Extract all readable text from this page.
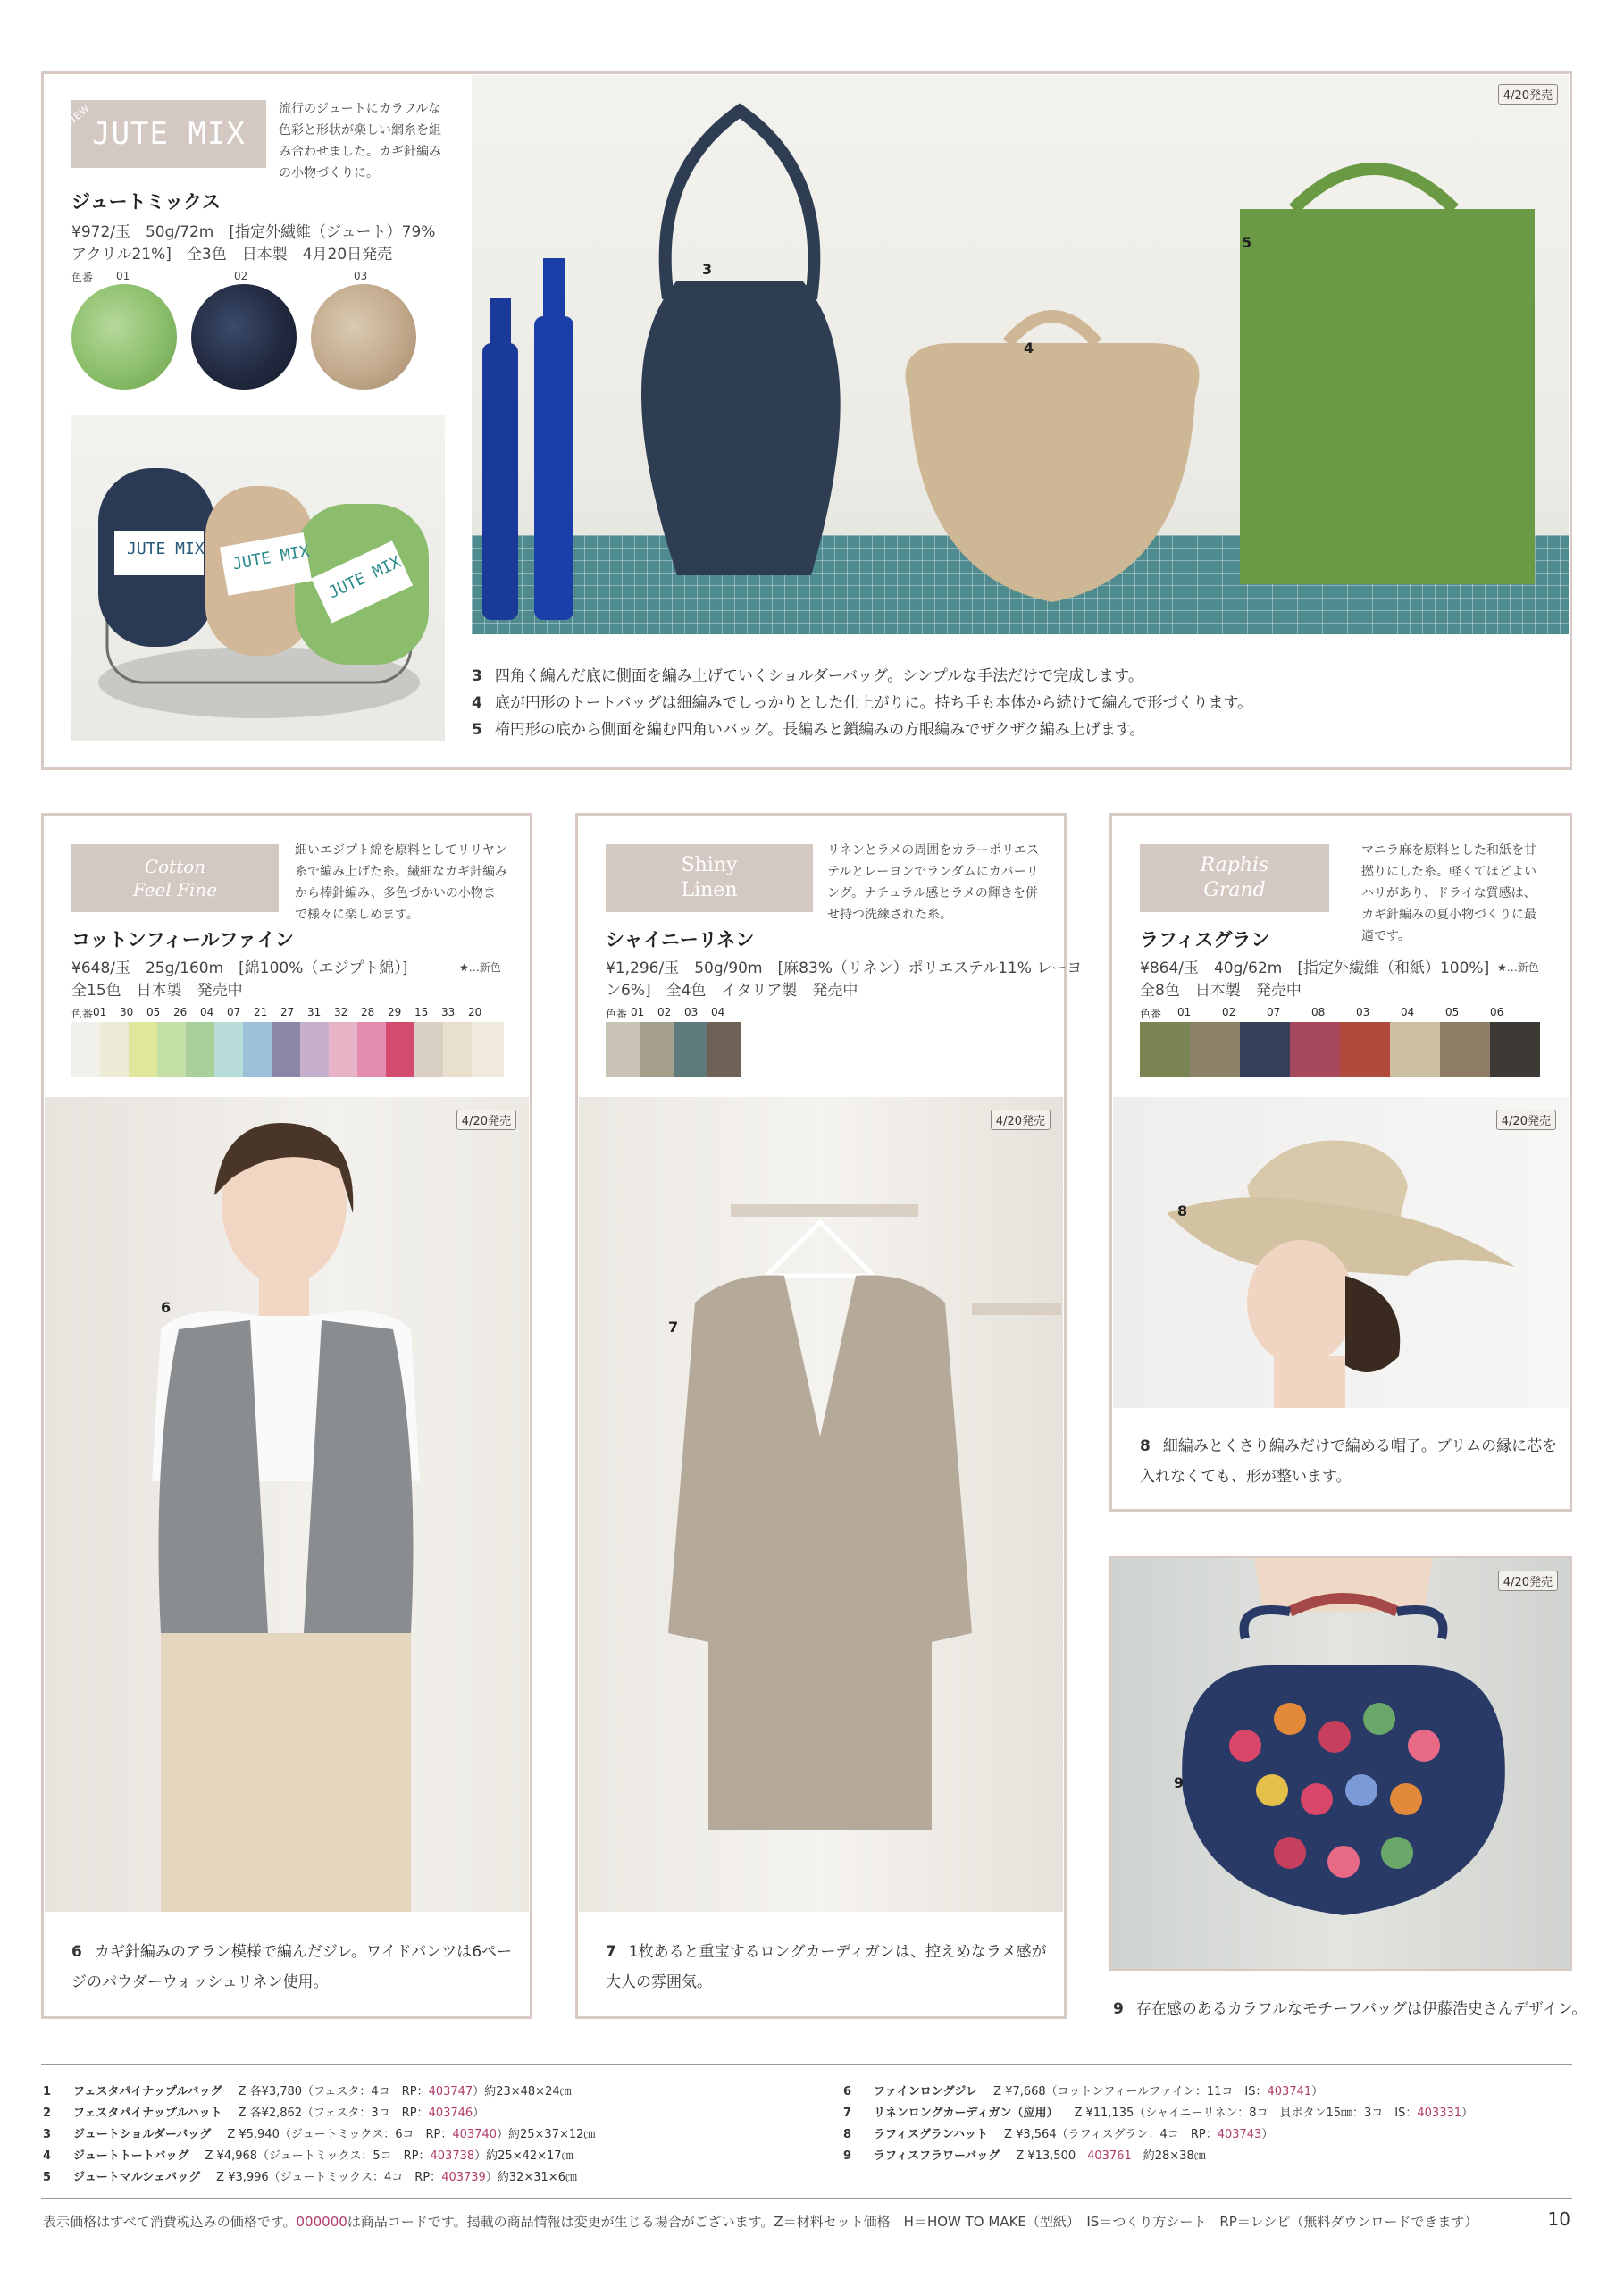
NEW
JUTE MIX
流行のジュートにカラフルな色彩と形状が楽しい網糸を組み合わせました。カギ針編みの小物づくりに。
ジュートミックス
¥972/玉　50g/72m　[指定外繊維（ジュート）79%
アクリル21%]　全3色　日本製　4月20日発売
色番 01	02	03
JUTE MIX JUTE MIX JUTE MIX
4/20発売
3
4
5
3 四角く編んだ底に側面を編み上げていくショルダーバッグ。シンプルな手法だけで完成します。
4 底が円形のトートバッグは細編みでしっかりとした仕上がりに。持ち手も本体から続けて編んで形づくります。
5 楕円形の底から側面を編む四角いバッグ。長編みと鎖編みの方眼編みでザクザク編み上げます。
Cotton
Feel Fine
細いエジプト綿を原料としてリリヤン糸で編み上げた糸。繊細なカギ針編みから棒針編み、多色づかいの小物まで様々に楽しめます。
コットンフィールファイン
¥648/玉　25g/160m　[綿100%（エジプト綿）]	★…新色
全15色　日本製　発売中
色番 01	30	05	26	04	07	21	27	31	32	28	29	15	33	20
4/20発売
6
6 カギ針編みのアラン模様で編んだジレ。ワイドパンツは6ペー
ジのパウダーウォッシュリネン使用。
Shiny
Linen
リネンとラメの周囲をカラーポリエステルとレーヨンでランダムにカバーリング。ナチュラル感とラメの輝きを併せ持つ洗練された糸。
シャイニーリネン
¥1,296/玉　50g/90m　[麻83%（リネン）ポリエステル11% レーヨ
ン6%]　全4色　イタリア製　発売中
色番 01	02	03	04
4/20発売
7
7 1枚あると重宝するロングカーディガンは、控えめなラメ感が
大人の雰囲気。
Raphis
Grand
マニラ麻を原料とした和紙を甘撚りにした糸。軽くてほどよいハリがあり、ドライな質感は、カギ針編みの夏小物づくりに最適です。
ラフィスグラン
¥864/玉　40g/62m　[指定外繊維（和紙）100%] ★…新色
全8色　日本製　発売中
色番	01	02	07	08	03	04	05	06
4/20発売
8
8 細編みとくさり編みだけで編める帽子。ブリムの縁に芯を
入れなくても、形が整います。
4/20発売
9
9 存在感のあるカラフルなモチーフバッグは伊藤浩史さんデザイン。
1 フェスタパイナップルバッグ Z 各¥3,780（フェスタ：4コ　RP：403747）約23×48×24㎝
2 フェスタパイナップルハット Z 各¥2,862（フェスタ：3コ　RP：403746）
3 ジュートショルダーバッグ Z ¥5,940（ジュートミックス：6コ　RP：403740）約25×37×12㎝
4 ジュートトートバッグ Z ¥4,968（ジュートミックス：5コ　RP：403738）約25×42×17㎝
5 ジュートマルシェバッグ Z ¥3,996（ジュートミックス：4コ　RP：403739）約32×31×6㎝
6 ファインロングジレ Z ¥7,668（コットンフィールファイン：11コ　IS：403741）
7 リネンロングカーディガン（应用） Z ¥11,135（シャイニーリネン：8コ　貝ボタン15㎜：3コ　IS：403331）
8 ラフィスグランハット Z ¥3,564（ラフィスグラン：4コ　RP：403743）
9 ラフィスフラワーバッグ Z ¥13,500　403761　約28×38㎝
表示価格はすべて消費税込みの価格です。000000は商品コードです。掲載の商品情報は変更が生じる場合がございます。Z＝材料セット価格　H＝HOW TO MAKE（型紙）　IS＝つくり方シート　RP＝レシピ（無料ダウンロードできます）	10
